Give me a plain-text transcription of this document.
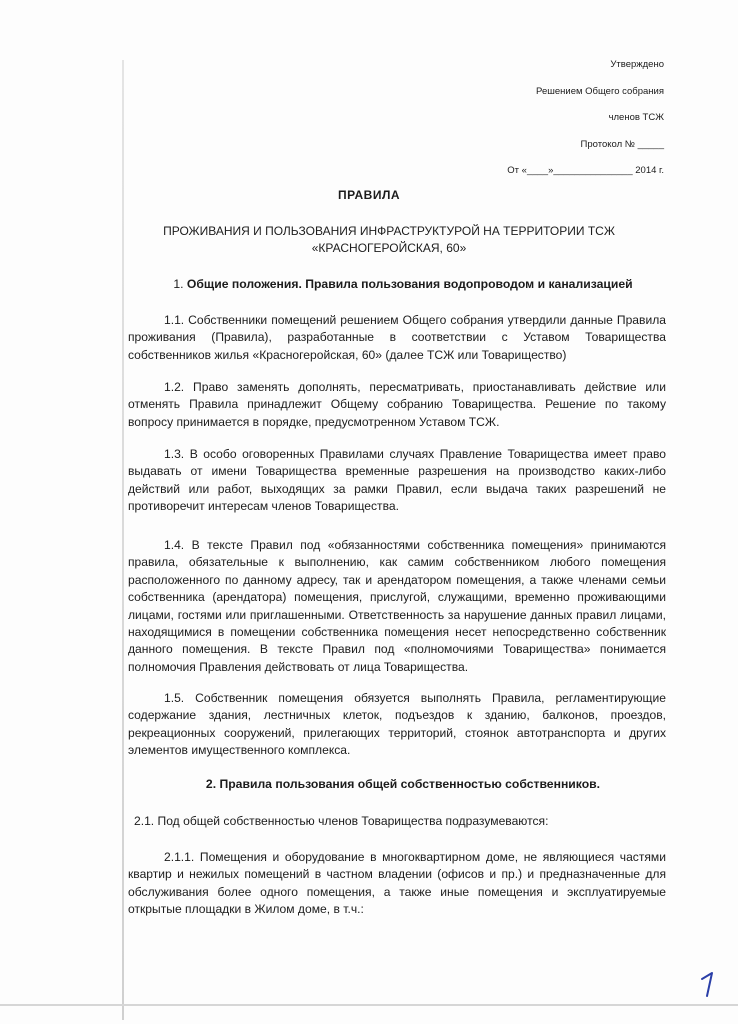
Утверждено
Решением Общего собрания
членов ТСЖ
Протокол № _____
От «____»_______________ 2014 г.
ПРАВИЛА
ПРОЖИВАНИЯ И ПОЛЬЗОВАНИЯ ИНФРАСТРУКТУРОЙ НА ТЕРРИТОРИИ ТСЖ «КРАСНОГЕРОЙСКАЯ, 60»
1. Общие положения. Правила пользования водопроводом и канализацией

1.1. Собственники помещений решением Общего собрания утвердили данные Правила проживания (Правила), разработанные в соответствии с Уставом Товарищества собственников жилья «Красногеройская, 60» (далее ТСЖ или Товарищество)

1.2. Право заменять дополнять, пересматривать, приостанавливать действие или отменять Правила принадлежит Общему собранию Товарищества. Решение по такому вопросу принимается в порядке, предусмотренном Уставом ТСЖ.

1.3. В особо оговоренных Правилами случаях Правление Товарищества имеет право выдавать от имени Товарищества временные разрешения на производство каких-либо действий или работ, выходящих за рамки Правил, если выдача таких разрешений не противоречит интересам членов Товарищества.

1.4. В тексте Правил под «обязанностями собственника помещения» принимаются правила, обязательные к выполнению, как самим собственником любого помещения расположенного по данному адресу, так и арендатором помещения, а также членами семьи собственника (арендатора) помещения, прислугой, служащими, временно проживающими лицами, гостями или приглашенными. Ответственность за нарушение данных правил лицами, находящимися в помещении собственника помещения несет непосредственно собственник данного помещения. В тексте Правил под «полномочиями Товарищества» понимается полномочия Правления действовать от лица Товарищества.

1.5. Собственник помещения обязуется выполнять Правила, регламентирующие содержание здания, лестничных клеток, подъездов к зданию, балконов, проездов, рекреационных сооружений, прилегающих территорий, стоянок автотранспорта и других элементов имущественного комплекса.

2. Правила пользования общей собственностью собственников.

2.1. Под общей собственностью членов Товарищества подразумеваются:

2.1.1. Помещения и оборудование в многоквартирном доме, не являющиеся частями квартир и нежилых помещений в частном владении (офисов и пр.) и предназначенные для обслуживания более одного помещения, а также иные помещения и эксплуатируемые открытые площадки в Жилом доме, в т.ч.:
